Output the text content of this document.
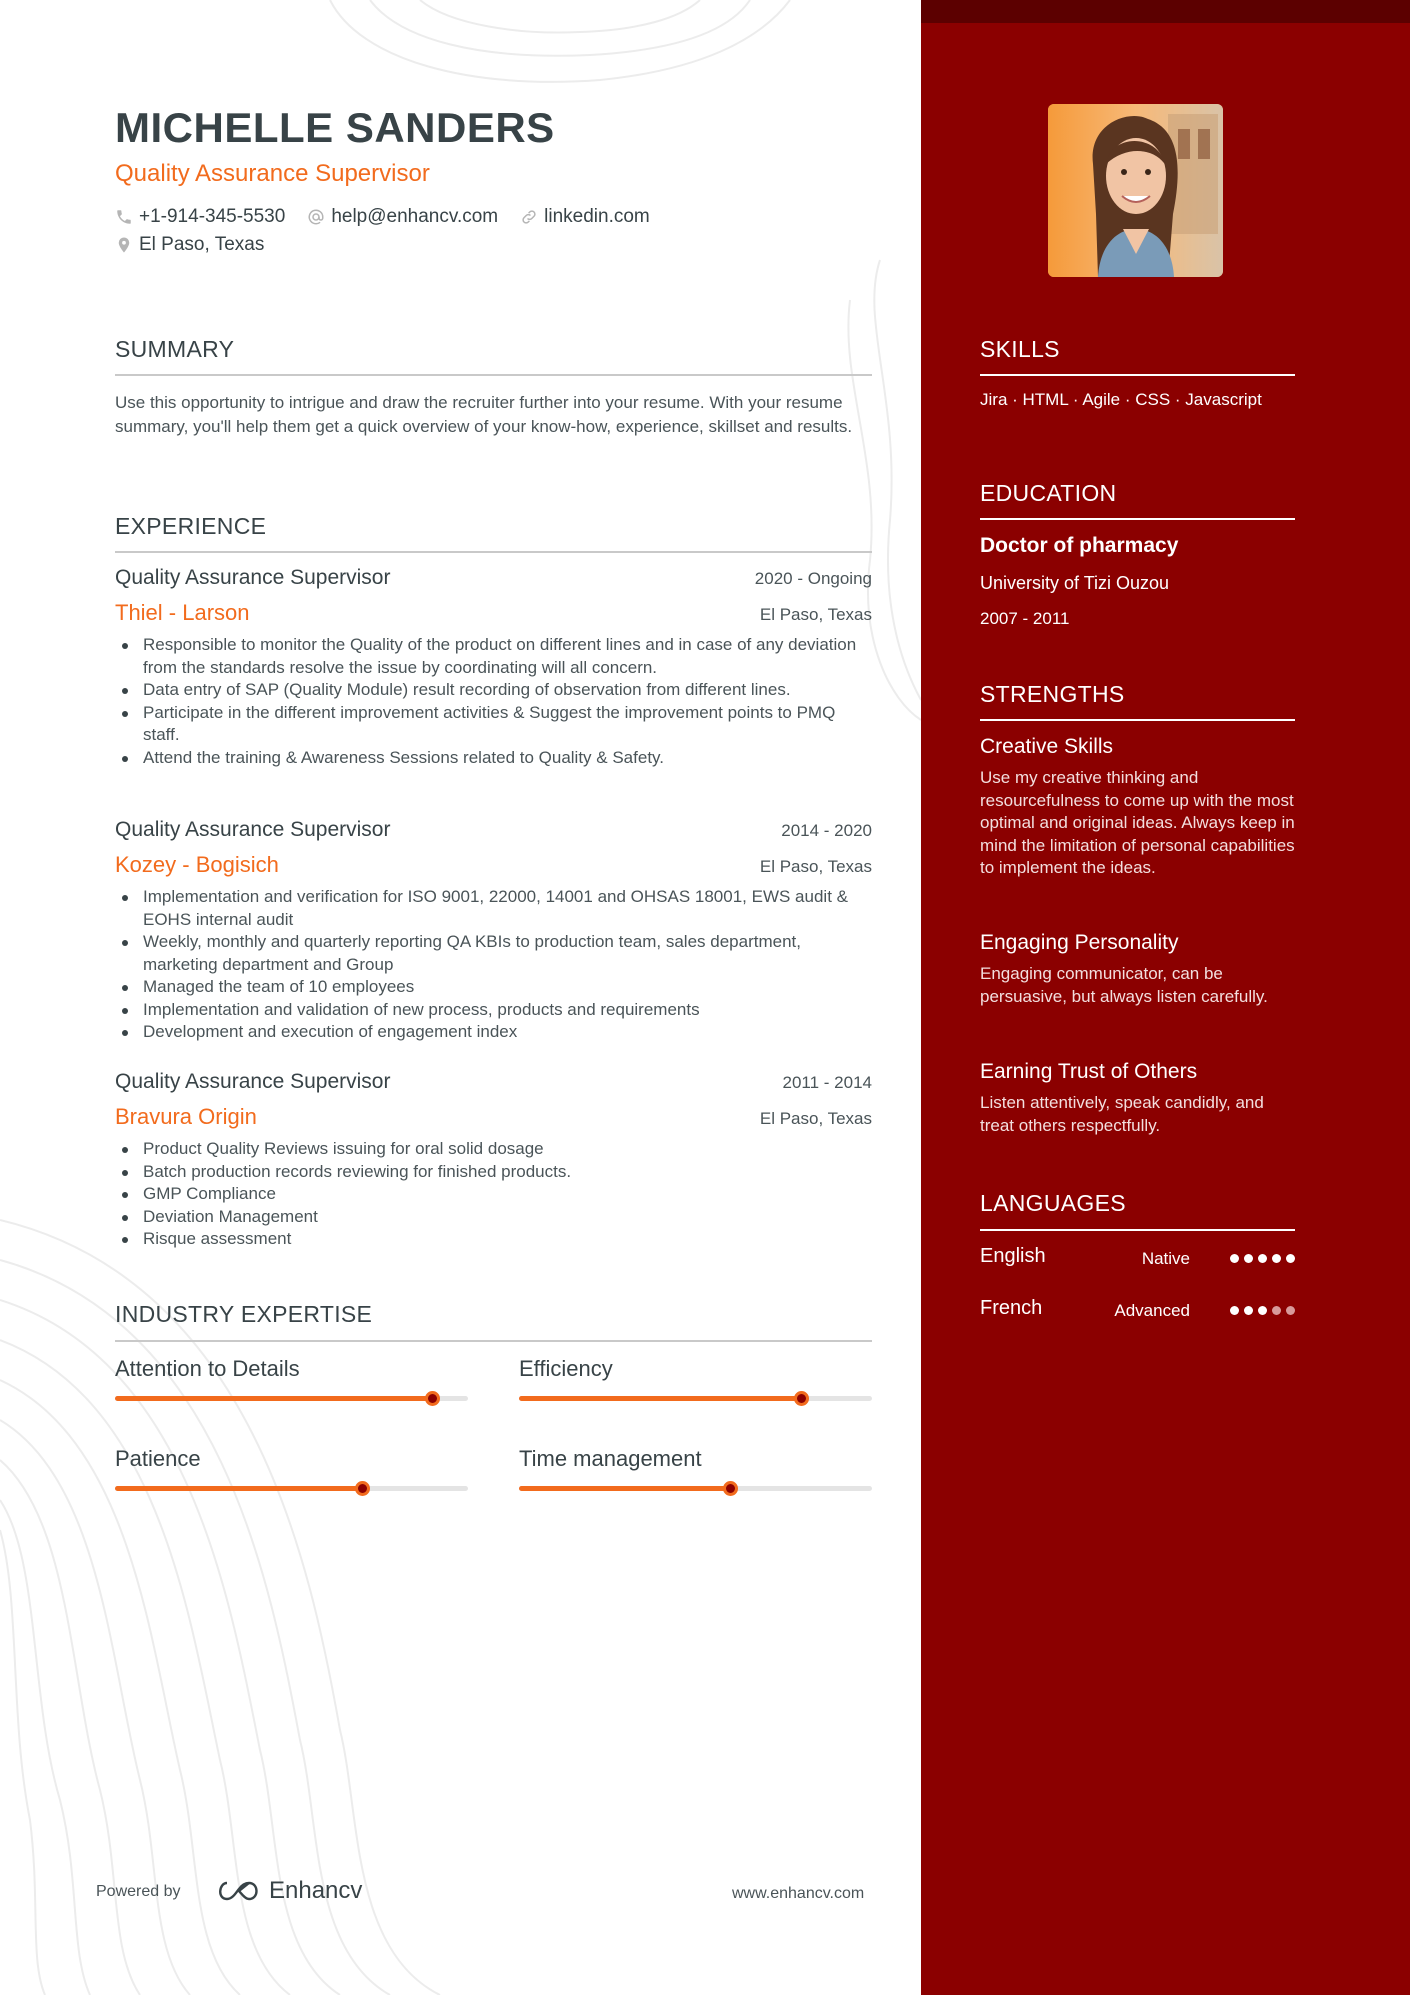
MICHELLE SANDERS
Quality Assurance Supervisor
+1-914-345-5530 help@enhancv.com linkedin.com
El Paso, Texas
SUMMARY
Use this opportunity to intrigue and draw the recruiter further into your resume. With your resume summary, you'll help them get a quick overview of your know-how, experience, skillset and results.
EXPERIENCE
Quality Assurance Supervisor	2020 - Ongoing
Thiel - Larson	El Paso, Texas
Responsible to monitor the Quality of the product on different lines and in case of any deviation from the standards resolve the issue by coordinating will all concern.
Data entry of SAP (Quality Module) result recording of observation from different lines.
Participate in the different improvement activities & Suggest the improvement points to PMQ staff.
Attend the training & Awareness Sessions related to Quality & Safety.
Quality Assurance Supervisor	2014 - 2020
Kozey - Bogisich	El Paso, Texas
Implementation and verification for ISO 9001, 22000, 14001 and OHSAS 18001, EWS audit & EOHS internal audit
Weekly, monthly and quarterly reporting QA KBIs to production team, sales department, marketing department and Group
Managed the team of 10 employees
Implementation and validation of new process, products and requirements
Development and execution of engagement index
Quality Assurance Supervisor	2011 - 2014
Bravura Origin	El Paso, Texas
Product Quality Reviews issuing for oral solid dosage
Batch production records reviewing for finished products.
GMP Compliance
Deviation Management
Risque assessment
INDUSTRY EXPERTISE
Attention to Details	Efficiency
Patience	Time management
Powered by	Enhancv	www.enhancv.com
SKILLS
Jira · HTML · Agile · CSS · Javascript
EDUCATION
Doctor of pharmacy
University of Tizi Ouzou
2007 - 2011
STRENGTHS
Creative Skills
Use my creative thinking and resourcefulness to come up with the most optimal and original ideas. Always keep in mind the limitation of personal capabilities to implement the ideas.
Engaging Personality
Engaging communicator, can be persuasive, but always listen carefully.
Earning Trust of Others
Listen attentively, speak candidly, and treat others respectfully.
LANGUAGES
English	Native
French	Advanced
